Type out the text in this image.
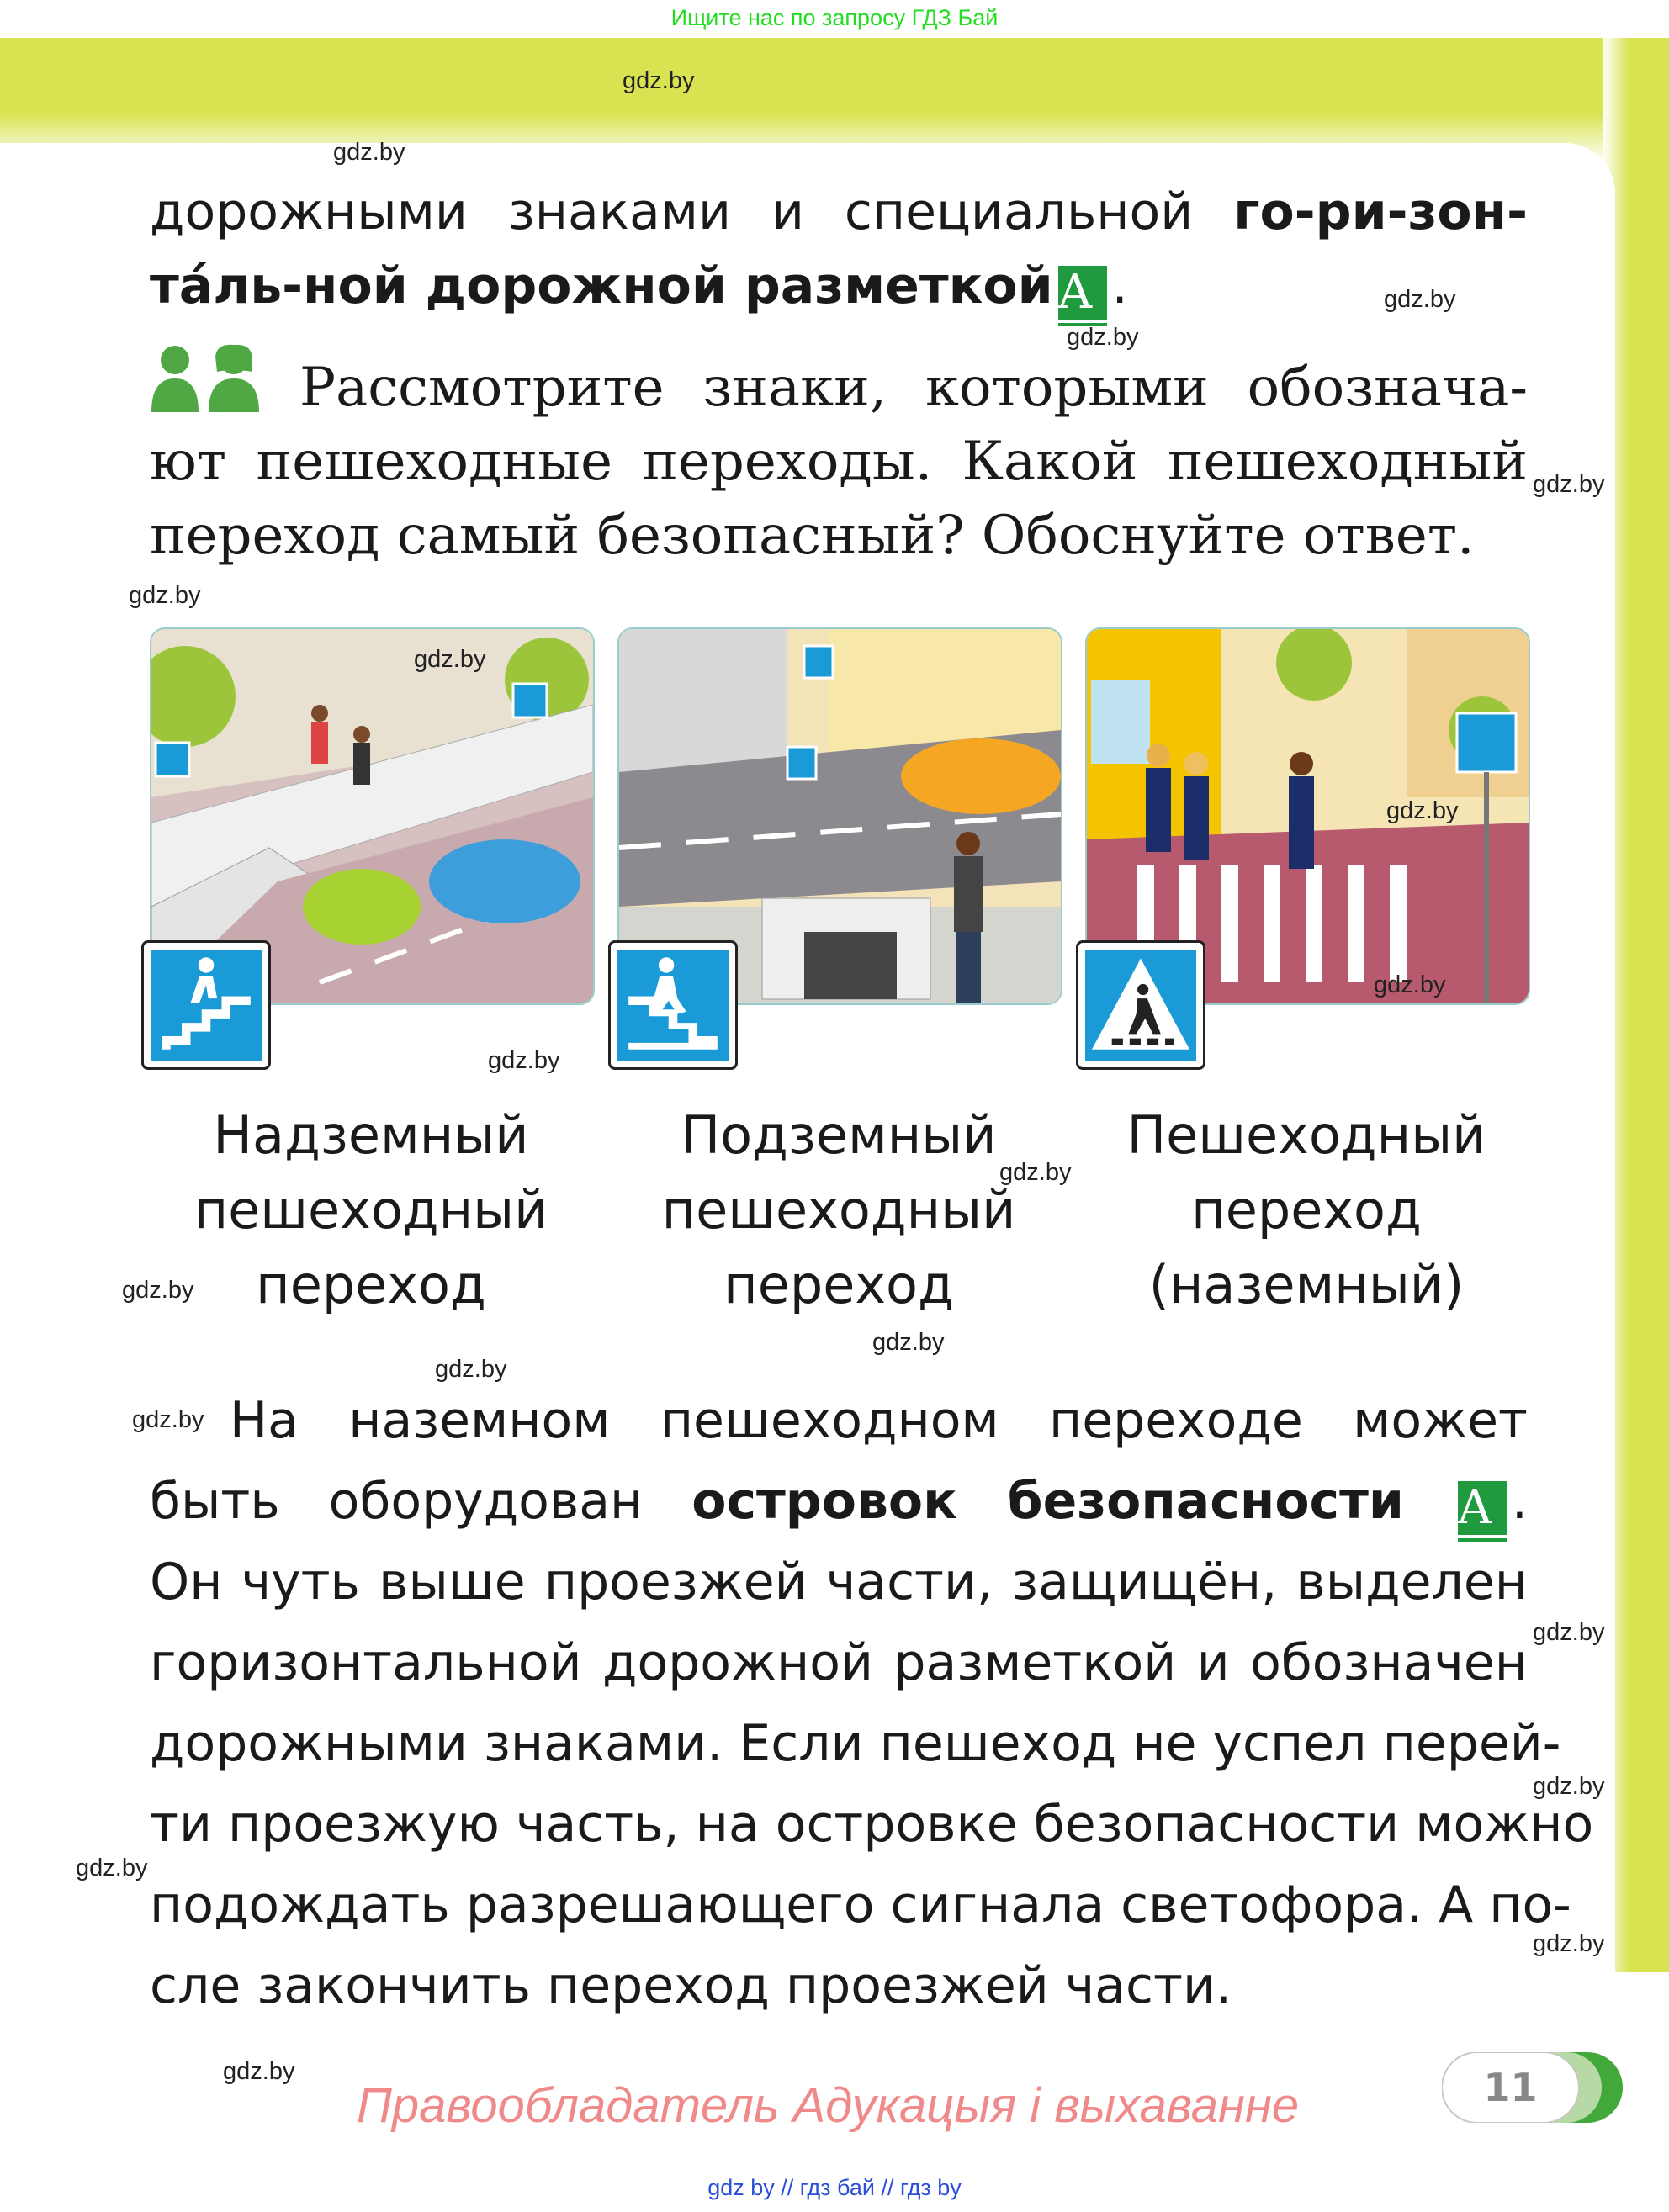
Ищите нас по запросу ГДЗ Бай
дорожными знаками и специальной го-ри-зон-
та́ль-ной дорожной разметкой A .
Рассмотрите знаки, которыми обознача-
ют пешеходные переходы. Какой пешеходный
переход самый безопасный? Обоснуйте ответ.
Надземный
пешеходный
переход
Подземный
пешеходный
переход
Пешеходный
переход
(наземный)
На наземном пешеходном переходе может
быть оборудован островок безопасности A .
Он чуть выше проезжей части, защищён, выделен
горизонтальной дорожной разметкой и обозначен
дорожными знаками. Если пешеход не успел перей-
ти проезжую часть, на островке безопасности можно
подождать разрешающего сигнала светофора. А по-
сле закончить переход проезжей части.
11
Правообладатель Адукацыя і выхаванне
gdz by // гдз бай // гдз by
gdz.by
gdz.by
gdz.by
gdz.by
gdz.by
gdz.by
gdz.by
gdz.by
gdz.by
gdz.by
gdz.by
gdz.by
gdz.by
gdz.by
gdz.by
gdz.by
gdz.by
gdz.by
gdz.by
gdz.by
